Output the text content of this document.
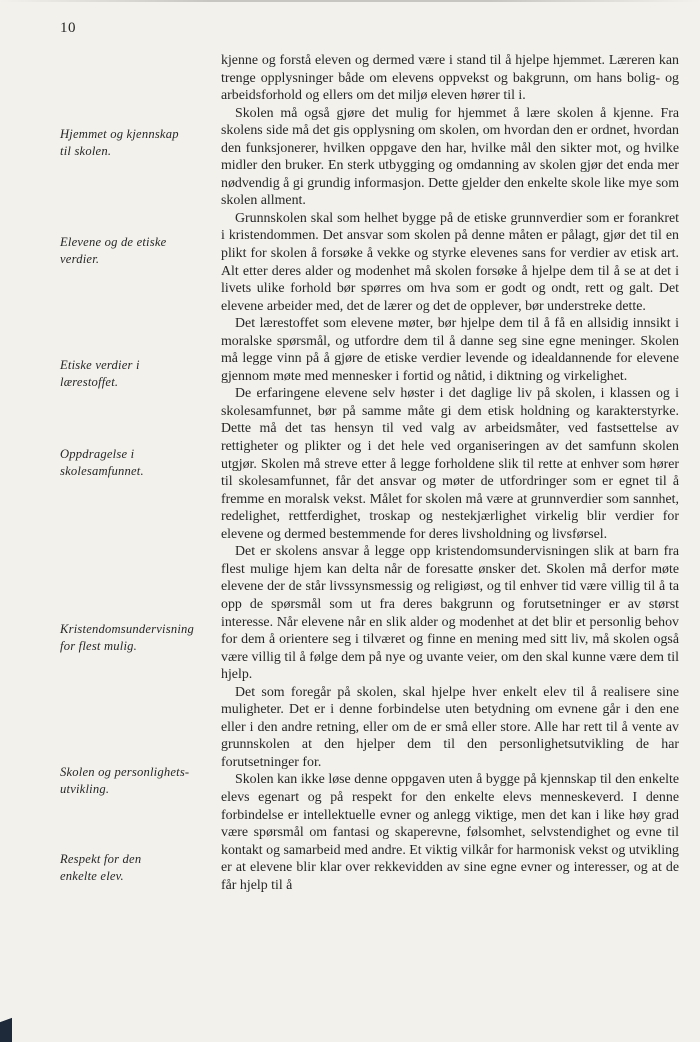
10
Hjemmet og kjennskap
til skolen.
Elevene og de etiske
verdier.
Etiske verdier i
lærestoffet.
Oppdragelse i
skolesamfunnet.
Kristendomsundervisning
for flest mulig.
Skolen og personlighets-
utvikling.
Respekt for den
enkelte elev.

kjenne og forstå eleven og dermed være i stand til å hjelpe hjemmet. Læreren kan trenge opplysninger både om elevens oppvekst og bakgrunn, om hans bolig- og arbeidsforhold og ellers om det miljø eleven hører til i.

Skolen må også gjøre det mulig for hjemmet å lære skolen å kjenne. Fra skolens side må det gis opplysning om skolen, om hvordan den er ordnet, hvordan den funksjonerer, hvilken oppgave den har, hvilke mål den sikter mot, og hvilke midler den bruker. En sterk utbygging og omdanning av skolen gjør det enda mer nødvendig å gi grundig informasjon. Dette gjelder den enkelte skole like mye som skolen allment.

Grunnskolen skal som helhet bygge på de etiske grunnverdier som er forankret i kristendommen. Det ansvar som skolen på denne måten er pålagt, gjør det til en plikt for skolen å forsøke å vekke og styrke elevenes sans for verdier av etisk art. Alt etter deres alder og modenhet må skolen forsøke å hjelpe dem til å se at det i livets ulike forhold bør spørres om hva som er godt og ondt, rett og galt. Det elevene arbeider med, det de lærer og det de opplever, bør understreke dette.

Det lærestoffet som elevene møter, bør hjelpe dem til å få en allsidig innsikt i moralske spørsmål, og utfordre dem til å danne seg sine egne meninger. Skolen må legge vinn på å gjøre de etiske verdier levende og idealdannende for elevene gjennom møte med mennesker i fortid og nåtid, i diktning og virkelighet.

De erfaringene elevene selv høster i det daglige liv på skolen, i klassen og i skolesamfunnet, bør på samme måte gi dem etisk holdning og karakterstyrke. Dette må det tas hensyn til ved valg av arbeidsmåter, ved fastsettelse av rettigheter og plikter og i det hele ved organiseringen av det samfunn skolen utgjør. Skolen må streve etter å legge forholdene slik til rette at enhver som hører til skolesamfunnet, får det ansvar og møter de utfordringer som er egnet til å fremme en moralsk vekst. Målet for skolen må være at grunnverdier som sannhet, redelighet, rettferdighet, troskap og nestekjærlighet virkelig blir verdier for elevene og dermed bestemmende for deres livsholdning og livsførsel.

Det er skolens ansvar å legge opp kristendomsundervisningen slik at barn fra flest mulige hjem kan delta når de foresatte ønsker det. Skolen må derfor møte elevene der de står livssynsmessig og religiøst, og til enhver tid være villig til å ta opp de spørsmål som ut fra deres bakgrunn og forutsetninger er av størst interesse. Når elevene når en slik alder og modenhet at det blir et personlig behov for dem å orientere seg i tilværet og finne en mening med sitt liv, må skolen også være villig til å følge dem på nye og uvante veier, om den skal kunne være dem til hjelp.

Det som foregår på skolen, skal hjelpe hver enkelt elev til å realisere sine muligheter. Det er i denne forbindelse uten betydning om evnene går i den ene eller i den andre retning, eller om de er små eller store. Alle har rett til å vente av grunnskolen at den hjelper dem til den personlighetsutvikling de har forutsetninger for.

Skolen kan ikke løse denne oppgaven uten å bygge på kjennskap til den enkelte elevs egenart og på respekt for den enkelte elevs menneskeverd. I denne forbindelse er intellektuelle evner og anlegg viktige, men det kan i like høy grad være spørsmål om fantasi og skaperevne, følsomhet, selvstendighet og evne til kontakt og samarbeid med andre. Et viktig vilkår for harmonisk vekst og utvikling er at elevene blir klar over rekkevidden av sine egne evner og interesser, og at de får hjelp til å
